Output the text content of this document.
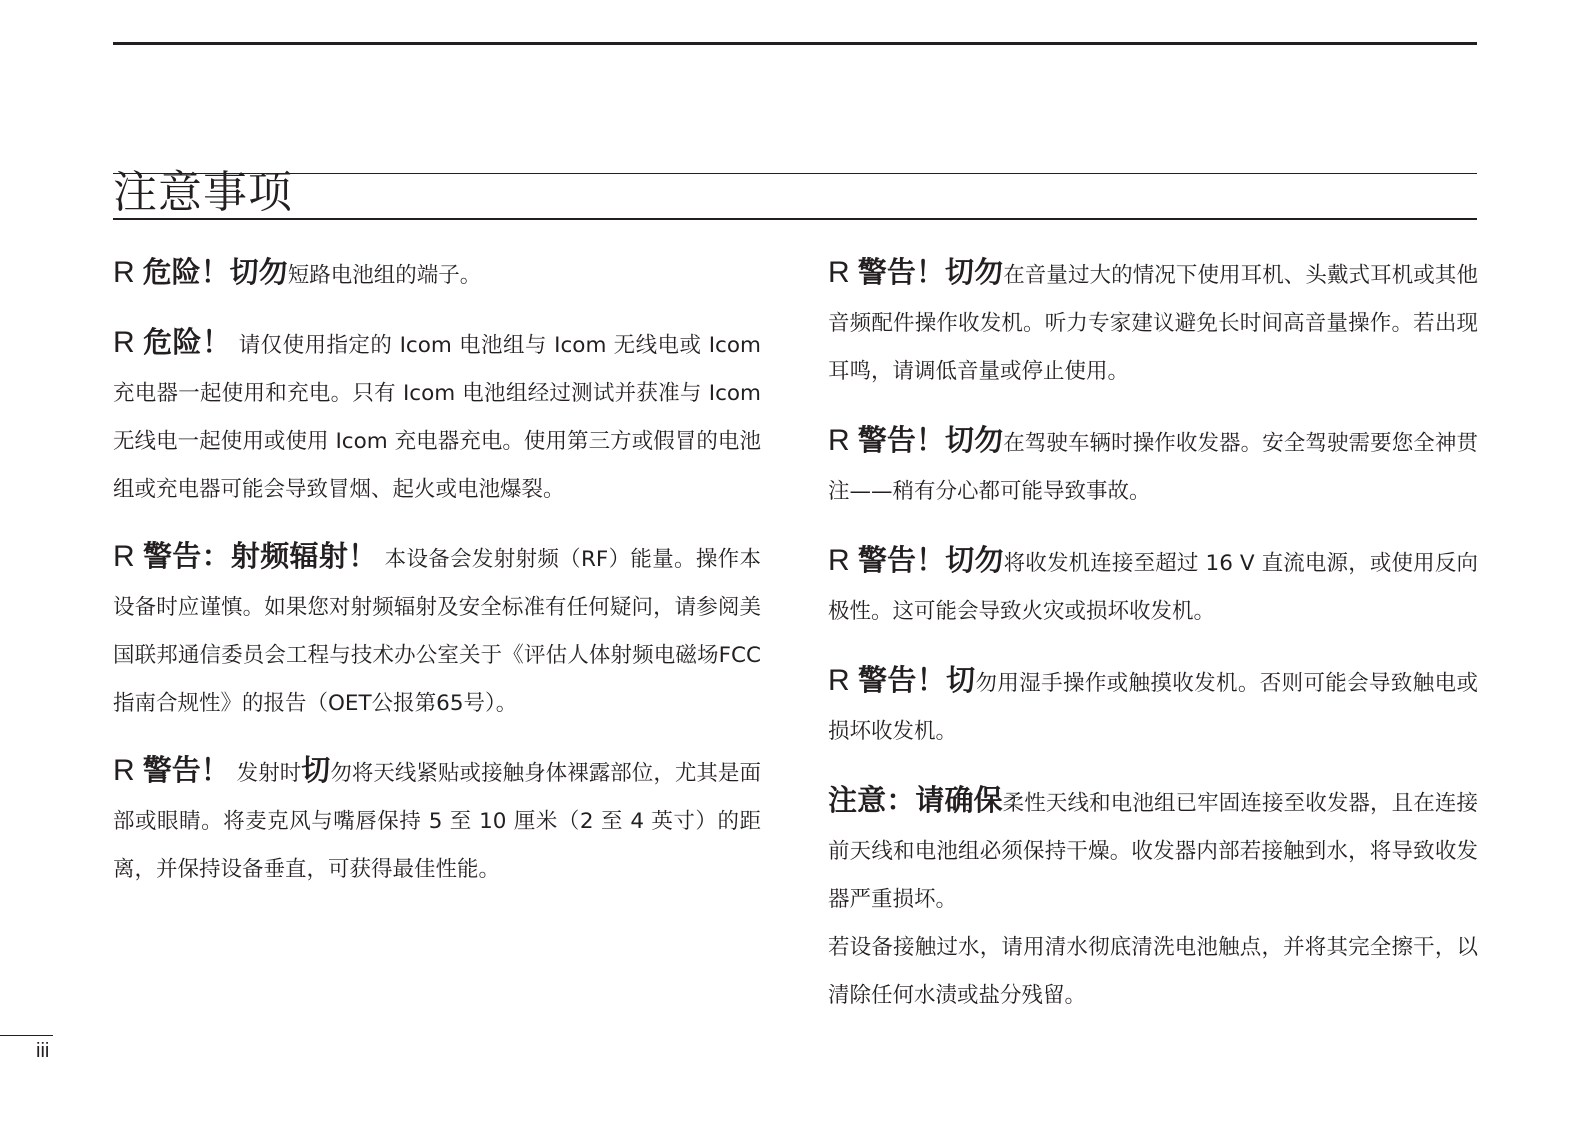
注意事项

R 危险！切勿短路电池组的端子。

R 危险！ 请仅使用指定的 Icom 电池组与 Icom 无线电或 Icom 充电器一起使用和充电。只有 Icom 电池组经过测试并获准与 Icom 无线电一起使用或使用 Icom 充电器充电。使用第三方或假冒的电池组或充电器可能会导致冒烟、起火或电池爆裂。

R 警告：射频辐射！ 本设备会发射射频（RF）能量。操作本设备时应谨慎。如果您对射频辐射及安全标准有任何疑问，请参阅美国联邦通信委员会工程与技术办公室关于《评估人体射频电磁场FCC指南合规性》的报告（OET公报第65号）。

R 警告！ 发射时切勿将天线紧贴或接触身体裸露部位，尤其是面部或眼睛。将麦克风与嘴唇保持 5 至 10 厘米（2 至 4 英寸）的距离，并保持设备垂直，可获得最佳性能。

R 警告！切勿在音量过大的情况下使用耳机、头戴式耳机或其他音频配件操作收发机。听力专家建议避免长时间高音量操作。若出现耳鸣，请调低音量或停止使用。

R 警告！切勿在驾驶车辆时操作收发器。安全驾驶需要您全神贯注——稍有分心都可能导致事故。

R 警告！切勿将收发机连接至超过 16 V 直流电源，或使用反向极性。这可能会导致火灾或损坏收发机。

R 警告！切勿用湿手操作或触摸收发机。否则可能会导致触电或损坏收发机。

注意：请确保柔性天线和电池组已牢固连接至收发器，且在连接前天线和电池组必须保持干燥。收发器内部若接触到水，将导致收发器严重损坏。

若设备接触过水，请用清水彻底清洗电池触点，并将其完全擦干，以清除任何水渍或盐分残留。

iii
